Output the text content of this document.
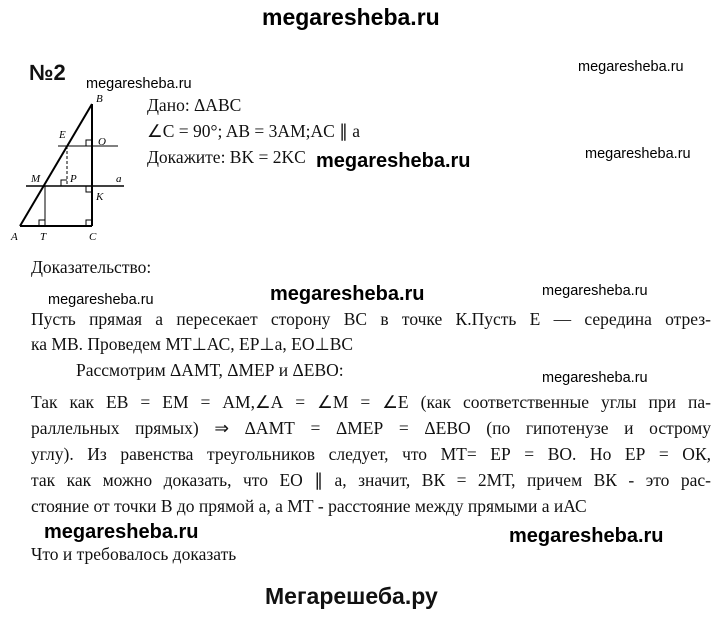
megaresheba.ru
№2 megaresheba.ru
megaresheba.ru
megaresheba.ru
Дано: ΔАВС
∠C = 90°; AB = 3AM;AC ∥ a
Докажите: BK = 2KC megaresheba.ru
B
E
O
M	P	a
K
A T	C
Доказательство:
megaresheba.ru	megaresheba.ru	megaresheba.ru
Пусть прямая а пересекает сторону ВС в точке К.Пусть Е — середина отрез-
ка МВ. Проведем МТ⊥АС, ЕР⊥а, ЕО⊥ВС
Рассмотрим ΔАМТ, ΔМЕР и ΔЕВО:	megaresheba.ru
Так как ЕВ = ЕМ = АМ,∠А = ∠М = ∠Е (как соответственные углы при па-
раллельных прямых) ⇒ ΔАМТ = ΔМЕР = ΔЕВО (по гипотенузе и острому
углу). Из равенства треугольников следует, что МТ= ЕР = ВО. Но ЕР = ОК,
так как можно доказать, что ЕО ∥ а, значит, ВК = 2МТ, причем ВК - это рас-
стояние от точки В до прямой а, а МТ - расстояние между прямыми а иАС
megaresheba.ru	megaresheba.ru
Что и требовалось доказать
Мегарешеба.ру
